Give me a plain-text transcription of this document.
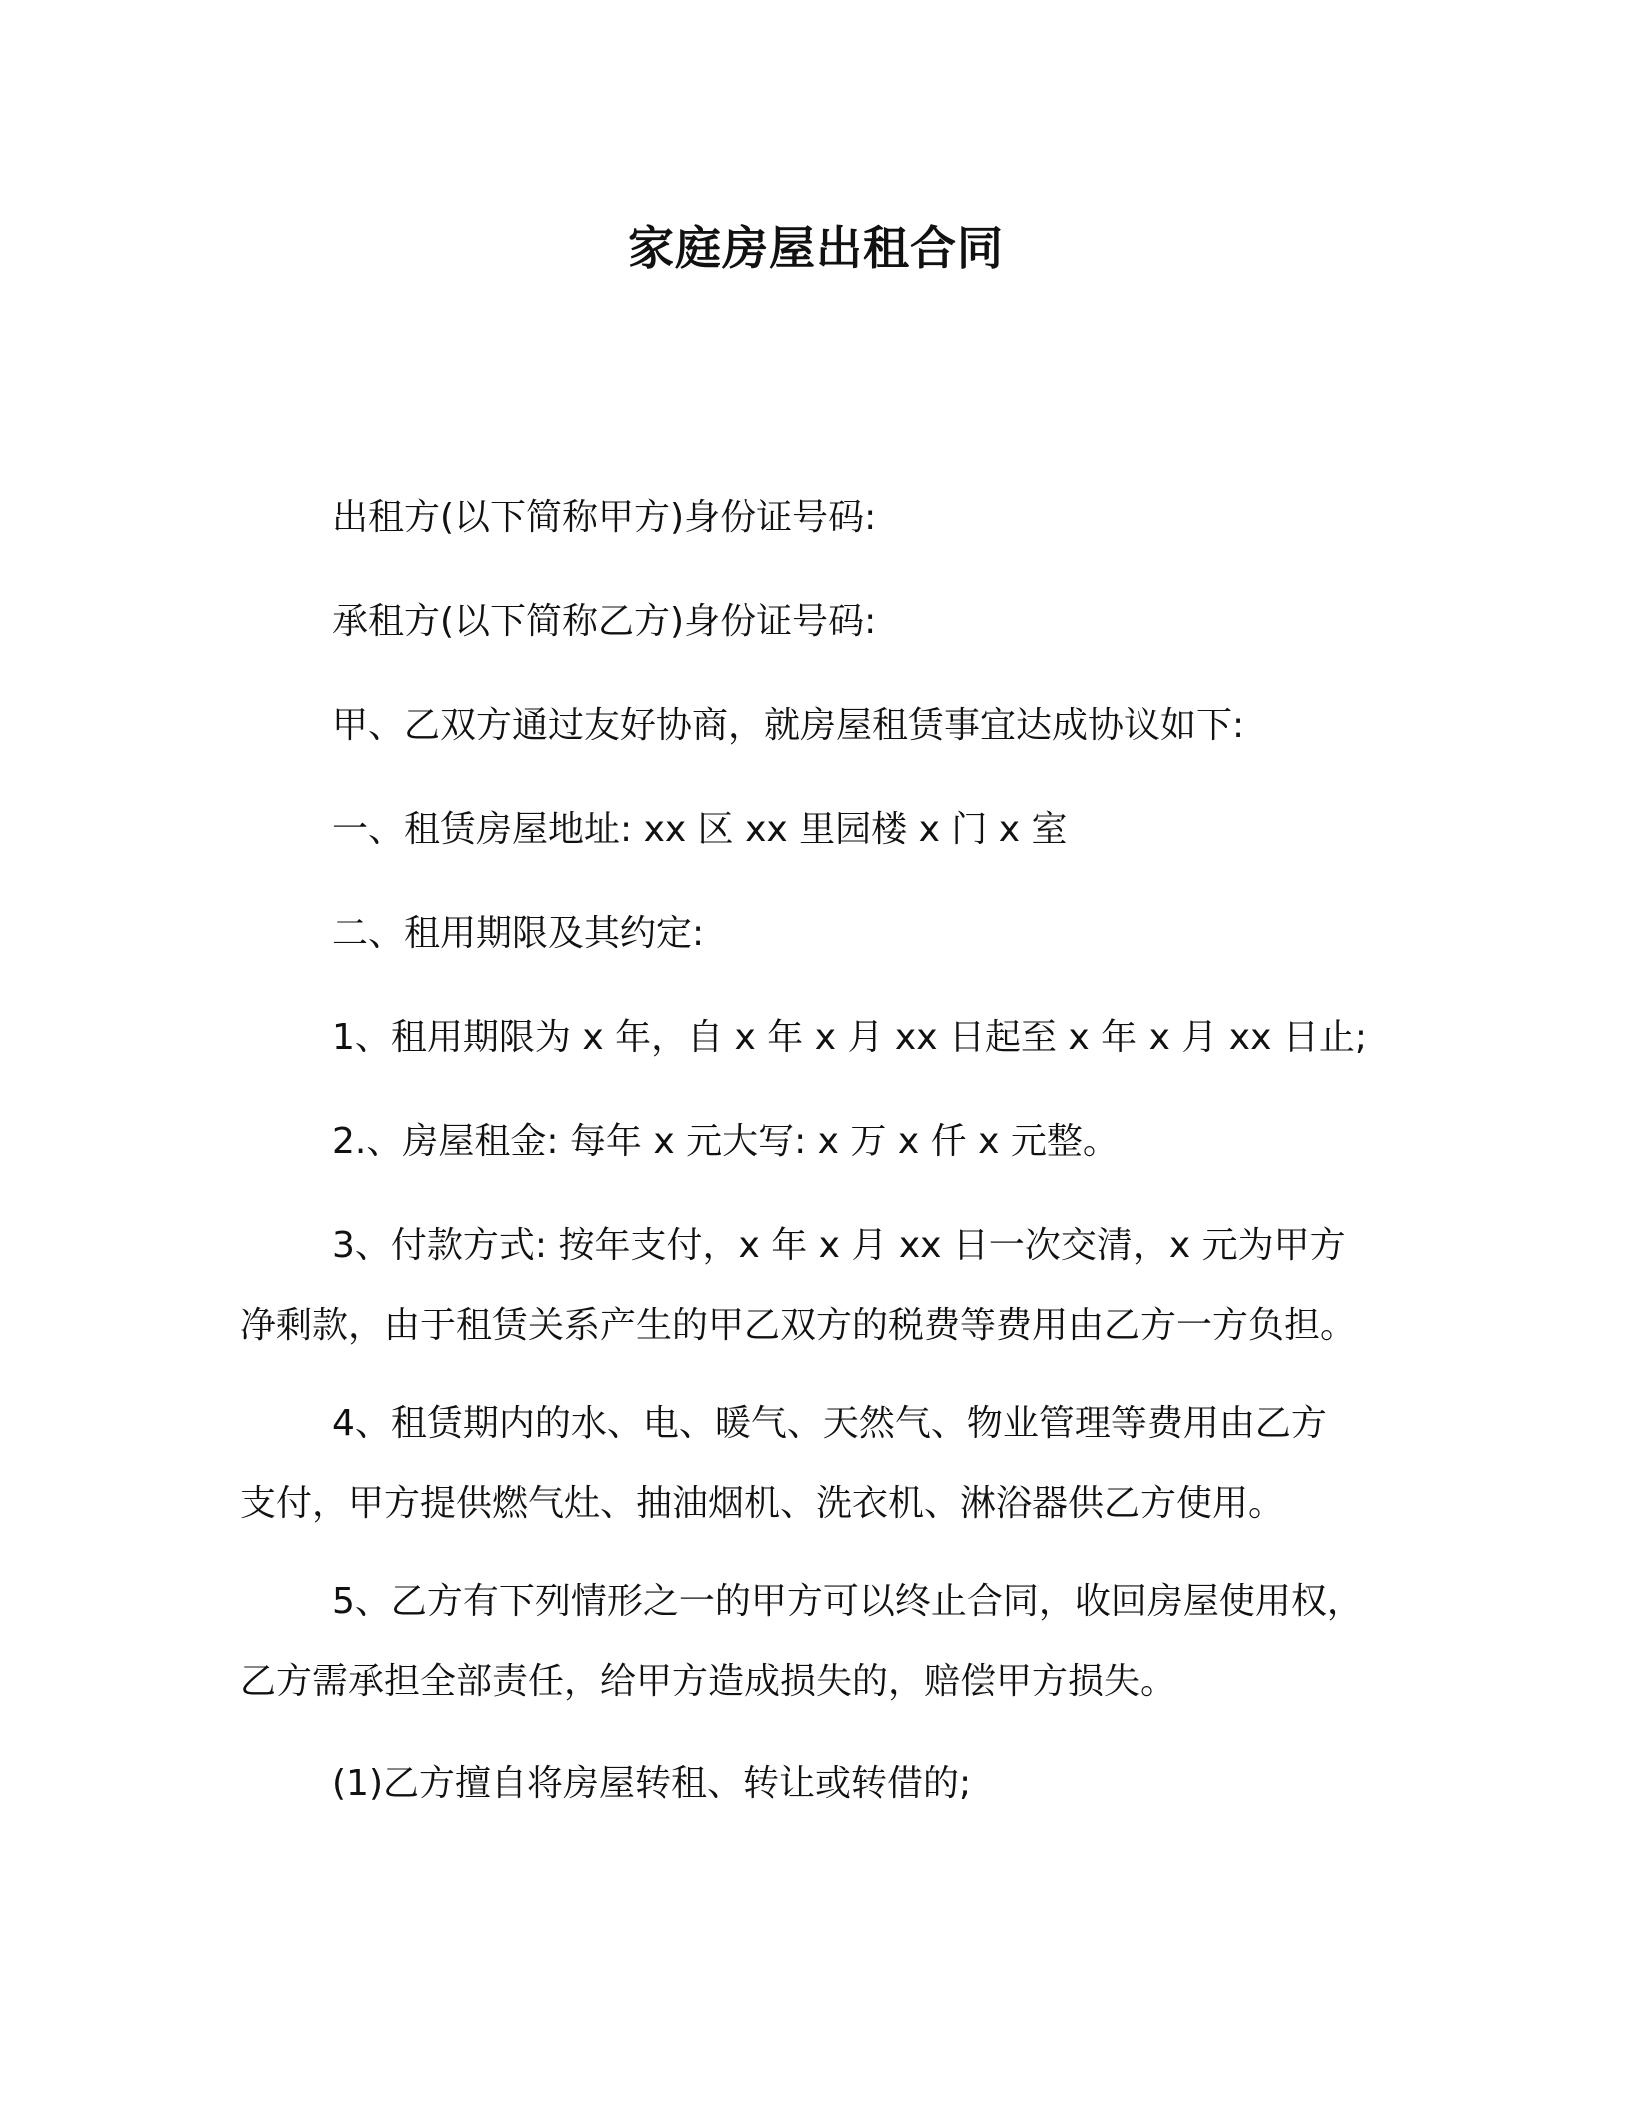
家庭房屋出租合同
出租方(以下简称甲方)身份证号码:
承租方(以下简称乙方)身份证号码:
甲、乙双方通过友好协商，就房屋租赁事宜达成协议如下:
一、租赁房屋地址: xx 区 xx 里园楼 x 门 x 室
二、租用期限及其约定:
1、租用期限为 x 年，自 x 年 x 月 xx 日起至 x 年 x 月 xx 日止;
2.、房屋租金: 每年 x 元大写: x 万 x 仟 x 元整。
3、付款方式: 按年支付，x 年 x 月 xx 日一次交清，x 元为甲方
净剩款，由于租赁关系产生的甲乙双方的税费等费用由乙方一方负担。
4、租赁期内的水、电、暖气、天然气、物业管理等费用由乙方
支付，甲方提供燃气灶、抽油烟机、洗衣机、淋浴器供乙方使用。
5、乙方有下列情形之一的甲方可以终止合同，收回房屋使用权，
乙方需承担全部责任，给甲方造成损失的，赔偿甲方损失。
(1)乙方擅自将房屋转租、转让或转借的;
